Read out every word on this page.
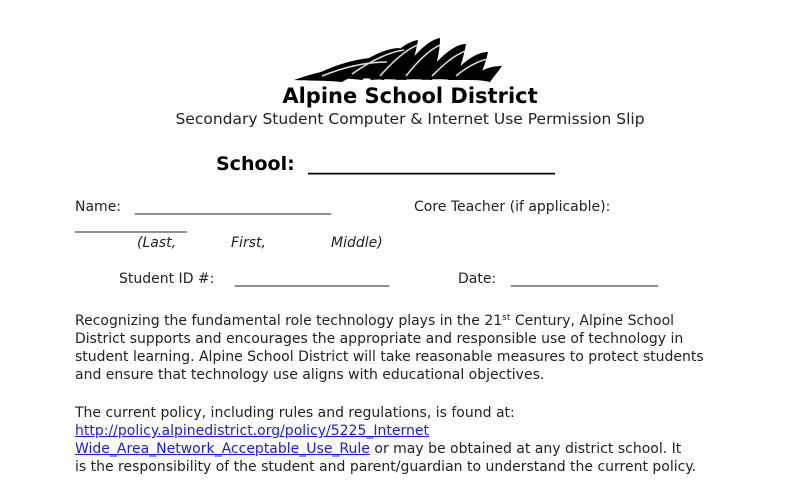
Alpine School District
Secondary Student Computer & Internet Use Permission Slip
School: __________________________
Name: ____________________________	Core Teacher (if applicable):
________________
(Last,	First,	Middle)
Student ID #: ______________________	Date: _____________________
Recognizing the fundamental role technology plays in the 21st Century, Alpine School
District supports and encourages the appropriate and responsible use of technology in
student learning. Alpine School District will take reasonable measures to protect students
and ensure that technology use aligns with educational objectives.
The current policy, including rules and regulations, is found at:
http://policy.alpinedistrict.org/policy/5225_Internet
Wide_Area_Network_Acceptable_Use_Rule or may be obtained at any district school. It
is the responsibility of the student and parent/guardian to understand the current policy.
